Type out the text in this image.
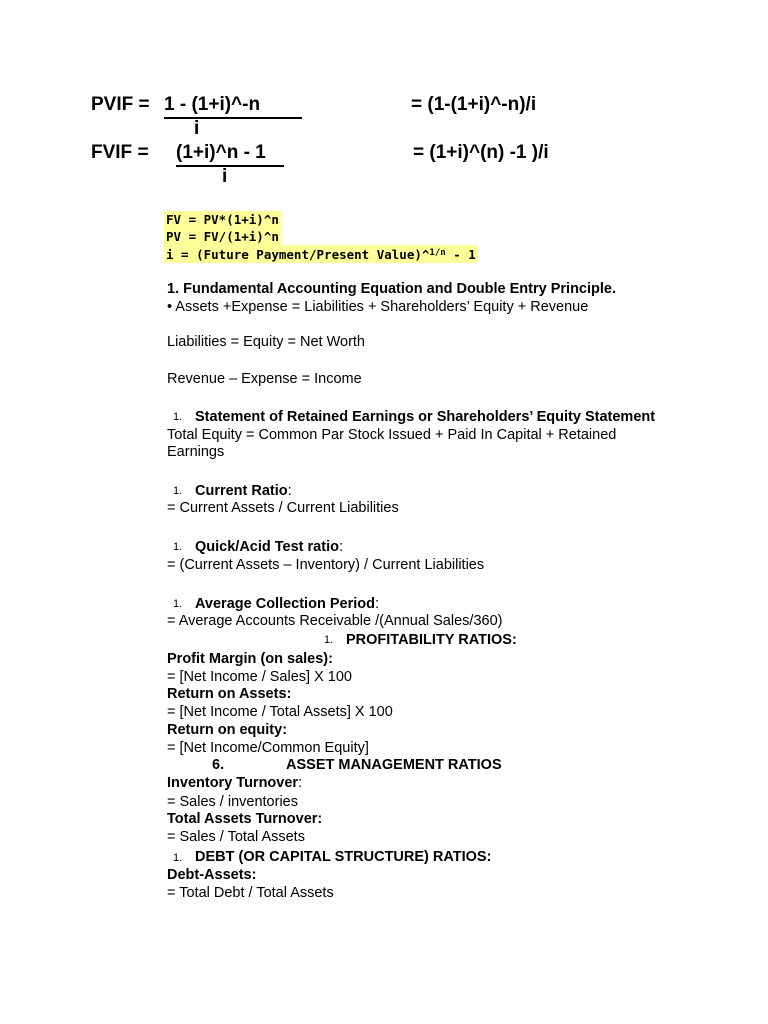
PVIF = 1 - (1+i)^-n
i
= (1-(1+i)^-n)/i
FVIF = (1+i)^n - 1
i
= (1+i)^(n) -1 )/i
FV = PV*(1+i)^n
PV = FV/(1+i)^n
i = (Future Payment/Present Value)^$^{1/n}$ - 1
1. Fundamental Accounting Equation and Double Entry Principle.
• Assets +Expense = Liabilities + Shareholders’ Equity + Revenue
Liabilities = Equity = Net Worth
Revenue – Expense = Income
1. Statement of Retained Earnings or Shareholders’ Equity Statement
Total Equity = Common Par Stock Issued + Paid In Capital + Retained
Earnings
1. Current Ratio:
= Current Assets / Current Liabilities
1. Quick/Acid Test ratio:
= (Current Assets – Inventory) / Current Liabilities
1. Average Collection Period:
= Average Accounts Receivable /(Annual Sales/360)
1. PROFITABILITY RATIOS:
Profit Margin (on sales):
= [Net Income / Sales] X 100
Return on Assets:
= [Net Income / Total Assets] X 100
Return on equity:
= [Net Income/Common Equity]
6.	ASSET MANAGEMENT RATIOS
Inventory Turnover:
= Sales / inventories
Total Assets Turnover:
= Sales / Total Assets
1. DEBT (OR CAPITAL STRUCTURE) RATIOS:
Debt-Assets:
= Total Debt / Total Assets
